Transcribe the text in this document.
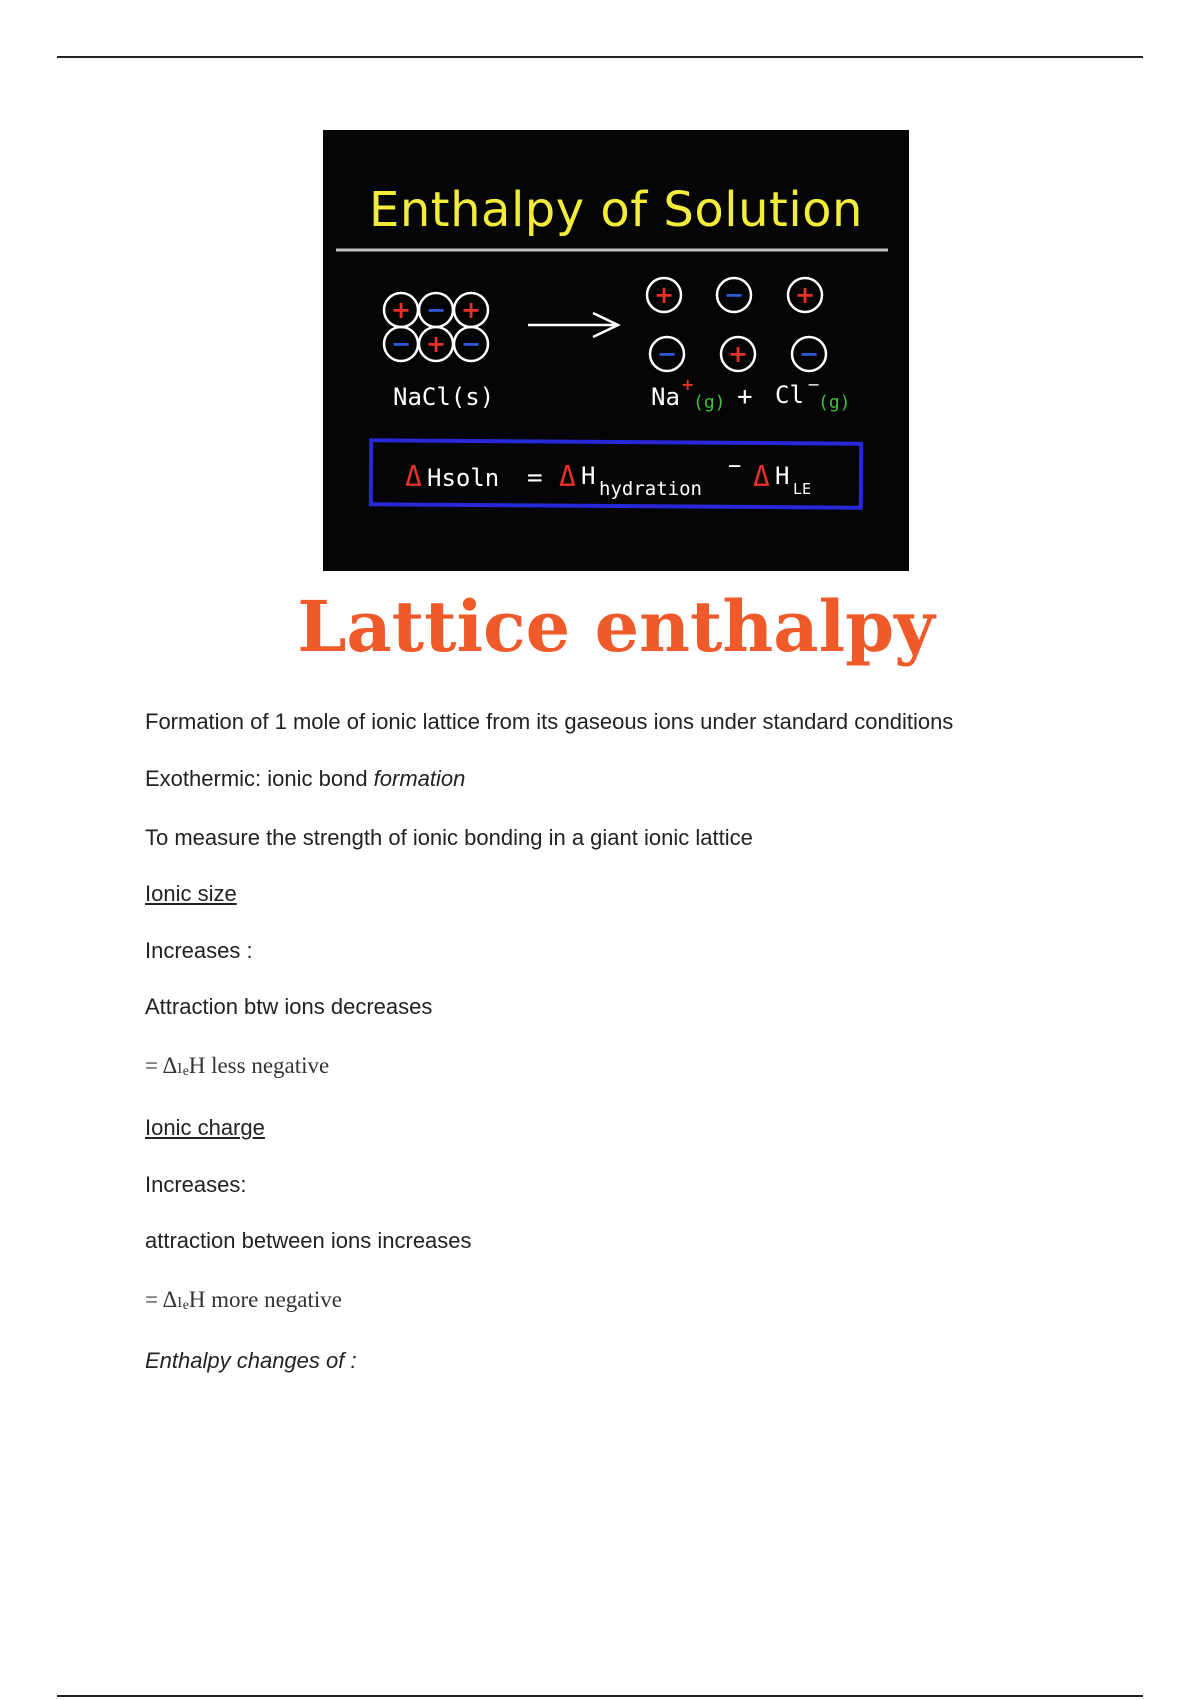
Enthalpy of Solution
+ − +
− + −
+ − +
− + −
NaCl(s)	Na +
(g) + Cl −
(g)
Δ Hsoln = Δ H hydration
− Δ H LE
Lattice enthalpy
Formation of 1 mole of ionic lattice from its gaseous ions under standard conditions
Exothermic: ionic bond formation
To measure the strength of ionic bonding in a giant ionic lattice
Ionic size
Increases :
Attraction btw ions decreases
= ΔₗₑH less negative
Ionic charge
Increases:
attraction between ions increases
= ΔₗₑH more negative
Enthalpy changes of :
